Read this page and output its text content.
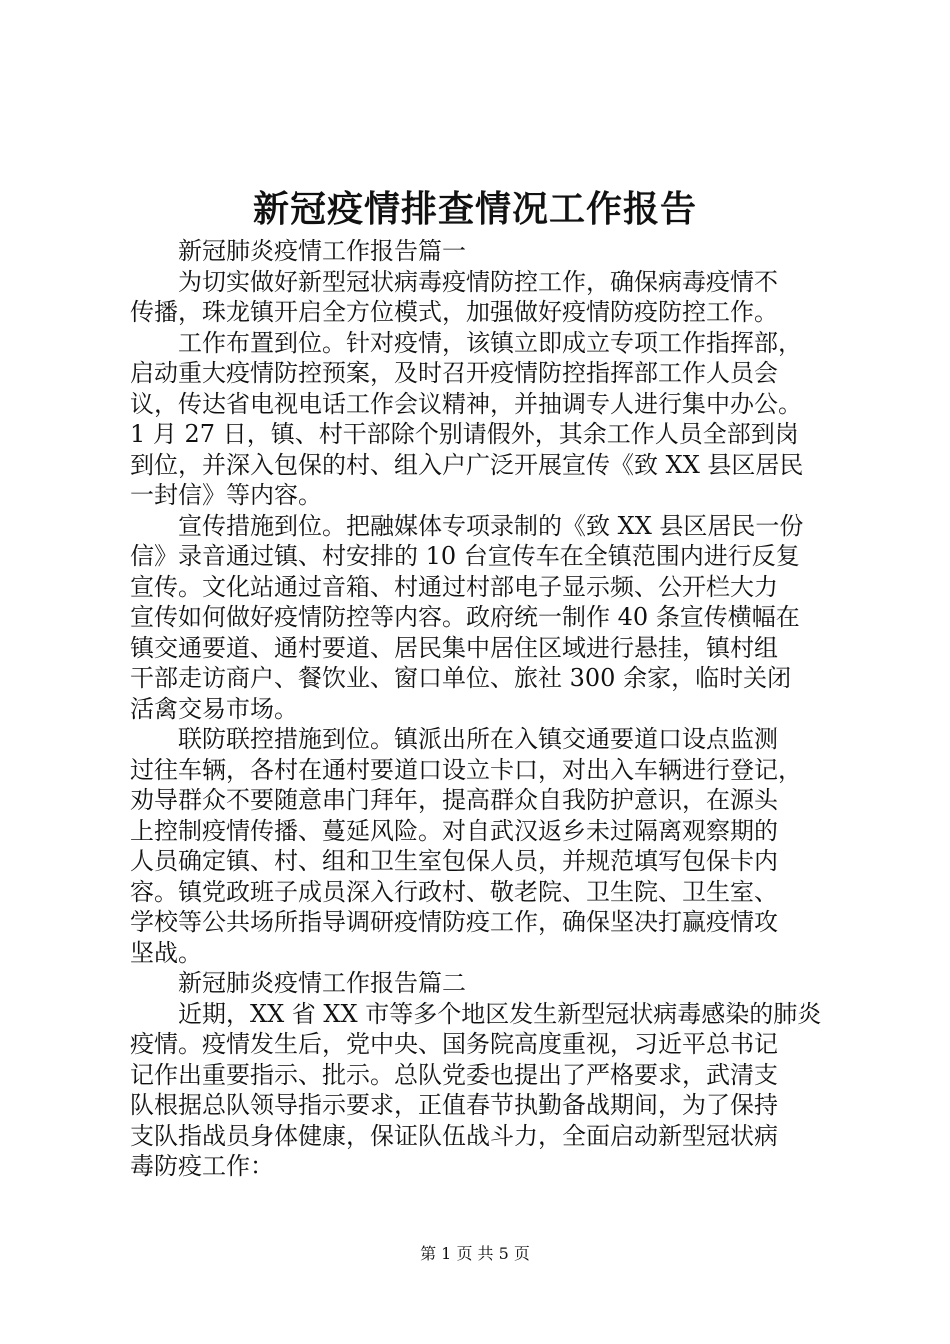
新冠疫情排查情况工作报告
新冠肺炎疫情工作报告篇一
为切实做好新型冠状病毒疫情防控工作，确保病毒疫情不
传播，珠龙镇开启全方位模式，加强做好疫情防疫防控工作。
工作布置到位。针对疫情，该镇立即成立专项工作指挥部，
启动重大疫情防控预案，及时召开疫情防控指挥部工作人员会
议，传达省电视电话工作会议精神，并抽调专人进行集中办公。
1 月 27 日，镇、村干部除个别请假外，其余工作人员全部到岗
到位，并深入包保的村、组入户广泛开展宣传《致 XX 县区居民
一封信》等内容。
宣传措施到位。把融媒体专项录制的《致 XX 县区居民一份
信》录音通过镇、村安排的 10 台宣传车在全镇范围内进行反复
宣传。文化站通过音箱、村通过村部电子显示频、公开栏大力
宣传如何做好疫情防控等内容。政府统一制作 40 条宣传横幅在
镇交通要道、通村要道、居民集中居住区域进行悬挂，镇村组
干部走访商户、餐饮业、窗口单位、旅社 300 余家，临时关闭
活禽交易市场。
联防联控措施到位。镇派出所在入镇交通要道口设点监测
过往车辆，各村在通村要道口设立卡口，对出入车辆进行登记，
劝导群众不要随意串门拜年，提高群众自我防护意识，在源头
上控制疫情传播、蔓延风险。对自武汉返乡未过隔离观察期的
人员确定镇、村、组和卫生室包保人员，并规范填写包保卡内
容。镇党政班子成员深入行政村、敬老院、卫生院、卫生室、
学校等公共场所指导调研疫情防疫工作，确保坚决打赢疫情攻
坚战。
新冠肺炎疫情工作报告篇二
近期，XX 省 XX 市等多个地区发生新型冠状病毒感染的肺炎
疫情。疫情发生后，党中央、国务院高度重视，习近平总书记
记作出重要指示、批示。总队党委也提出了严格要求，武清支
队根据总队领导指示要求，正值春节执勤备战期间，为了保持
支队指战员身体健康，保证队伍战斗力，全面启动新型冠状病
毒防疫工作：
第 1 页 共 5 页
